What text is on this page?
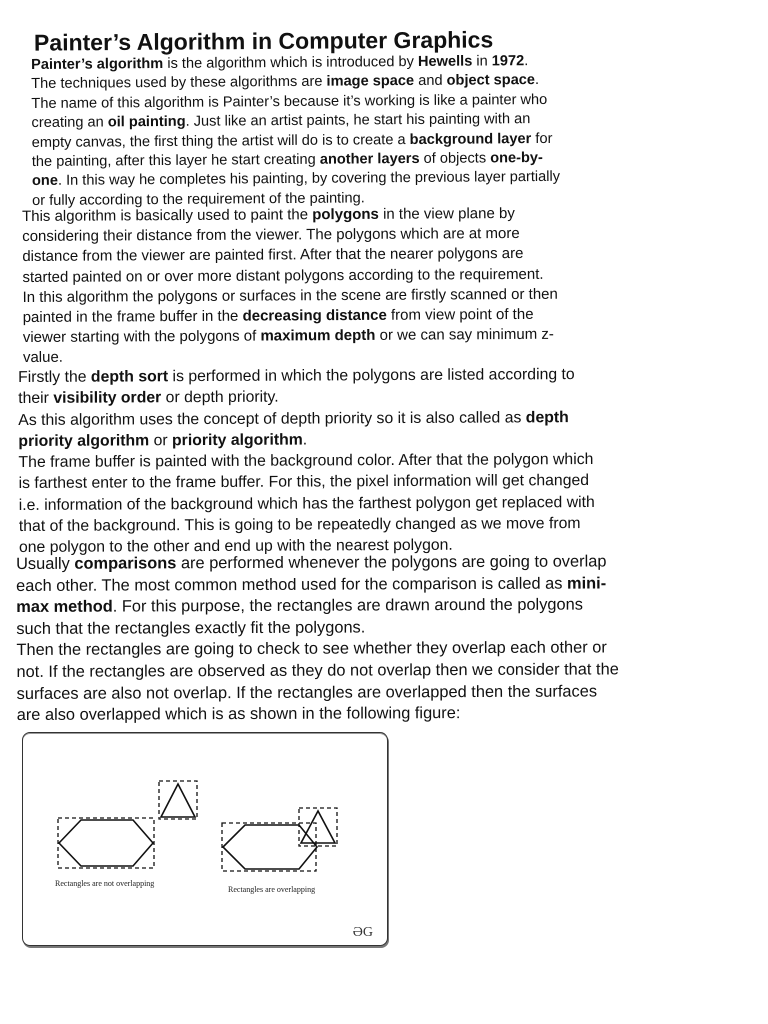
Painter’s Algorithm in Computer Graphics
Painter’s algorithm is the algorithm which is introduced by Hewells in 1972.
The techniques used by these algorithms are image space and object space.
The name of this algorithm is Painter’s because it’s working is like a painter who
creating an oil painting. Just like an artist paints, he start his painting with an
empty canvas, the first thing the artist will do is to create a background layer for
the painting, after this layer he start creating another layers of objects one-by-
one. In this way he completes his painting, by covering the previous layer partially
or fully according to the requirement of the painting.
This algorithm is basically used to paint the polygons in the view plane by
considering their distance from the viewer. The polygons which are at more
distance from the viewer are painted first. After that the nearer polygons are
started painted on or over more distant polygons according to the requirement.
In this algorithm the polygons or surfaces in the scene are firstly scanned or then
painted in the frame buffer in the decreasing distance from view point of the
viewer starting with the polygons of maximum depth or we can say minimum z-
value.
Firstly the depth sort is performed in which the polygons are listed according to
their visibility order or depth priority.
As this algorithm uses the concept of depth priority so it is also called as depth
priority algorithm or priority algorithm.
The frame buffer is painted with the background color. After that the polygon which
is farthest enter to the frame buffer. For this, the pixel information will get changed
i.e. information of the background which has the farthest polygon get replaced with
that of the background. This is going to be repeatedly changed as we move from
one polygon to the other and end up with the nearest polygon.
Usually comparisons are performed whenever the polygons are going to overlap
each other. The most common method used for the comparison is called as mini-
max method. For this purpose, the rectangles are drawn around the polygons
such that the rectangles exactly fit the polygons.
Then the rectangles are going to check to see whether they overlap each other or
not. If the rectangles are observed as they do not overlap then we consider that the
surfaces are also not overlap. If the rectangles are overlapped then the surfaces
are also overlapped which is as shown in the following figure:
Rectangles are not overlapping
Rectangles are overlapping
ƏG
